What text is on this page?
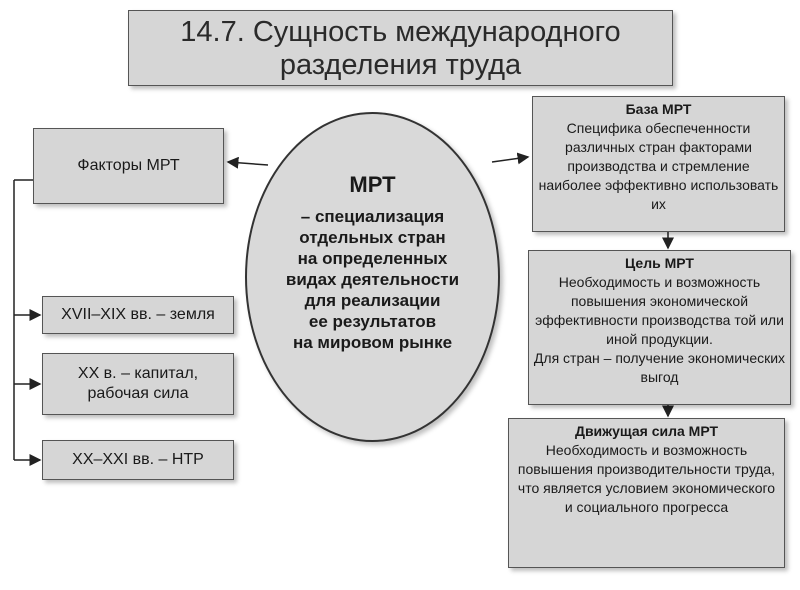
14.7. Сущность международного
разделения труда
Факторы МРТ
XVII–XIX вв. – земля
XX в. – капитал, рабочая сила
XX–XXI вв. – НТР
МРТ
– специализация
отдельных стран
на определенных
видах деятельности
для реализации
ее результатов
на мировом рынке
База МРТ
Специфика обеспеченности различных стран факторами производства и стремление наиболее эффективно использовать их
Цель МРТ
Необходимость и возможность повышения экономической эффективности производства той или иной продукции.
Для стран – получение экономических выгод
Движущая сила МРТ
Необходимость и возможность повышения производительности труда, что является условием экономического и социального прогресса
